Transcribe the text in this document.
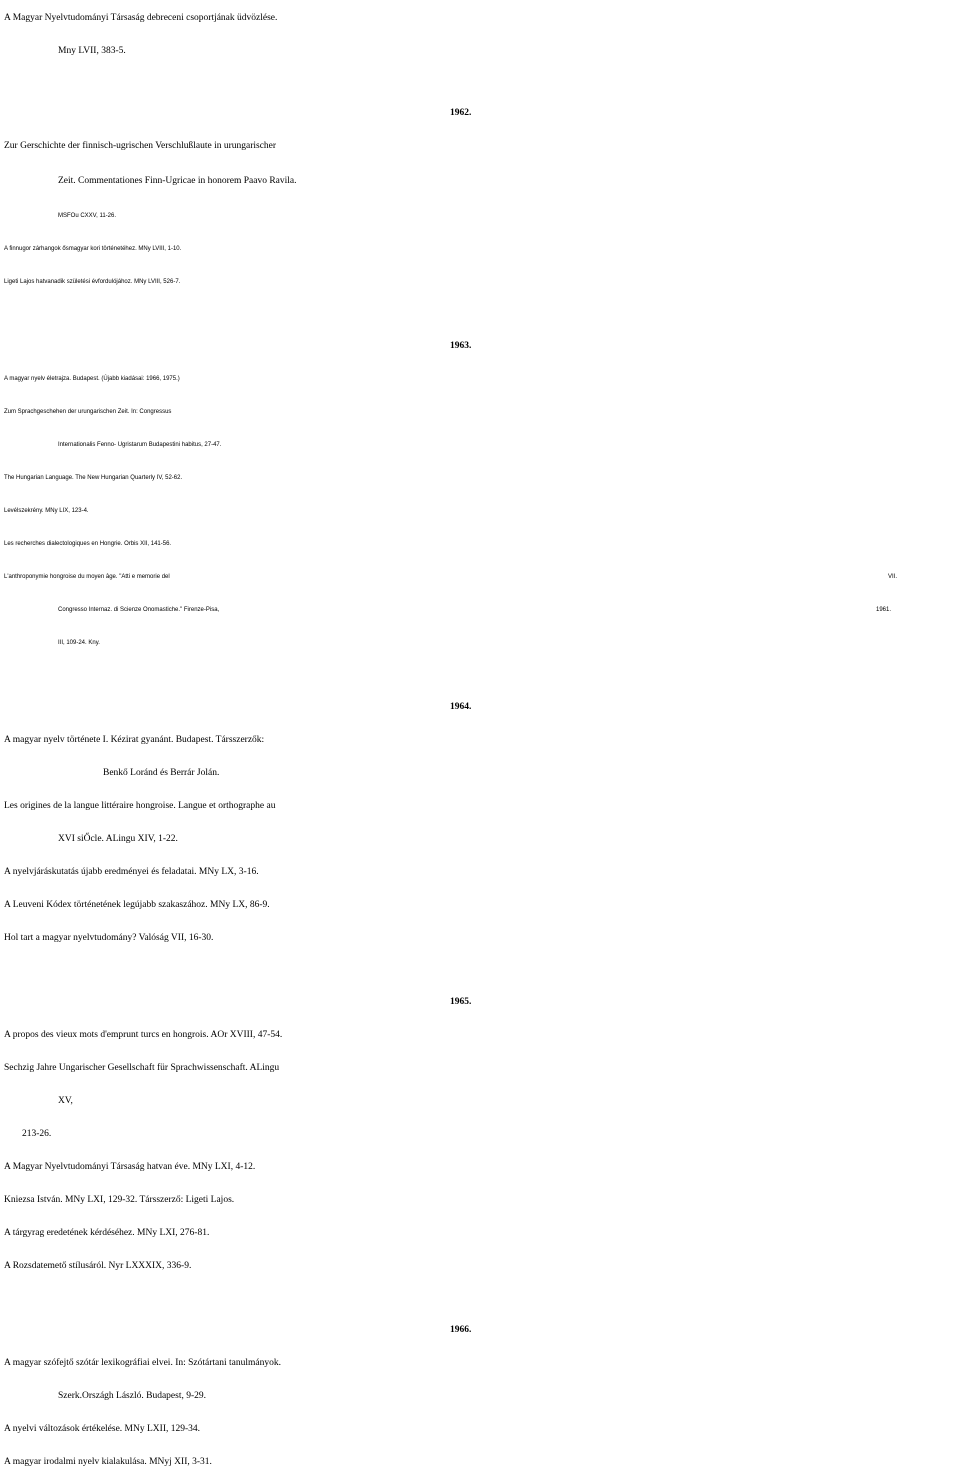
A Magyar Nyelvtudományi Társaság debreceni csoportjának üdvözlése.
Mny LVII, 383-5.
1962.
Zur Gerschichte der finnisch-ugrischen Verschlußlaute in urungarischer
Zeit. Commentationes Finn-Ugricae in honorem Paavo Ravila.
MSFOu CXXV, 11-26.
A finnugor zárhangok ősmagyar kori történetéhez. MNy LVIII, 1-10.
Ligeti Lajos hatvanadik születési évfordulójához. MNy LVIII, 526-7.
1963.
A magyar nyelv életrajza. Budapest. (Újabb kiadásai: 1966, 1975.)
Zum Sprachgeschehen der urungarischen Zeit. In: Congressus
Internationalis Fenno- Ugristarum Budapestini habitus, 27-47.
The Hungarian Language. The New Hungarian Quarterly IV, 52-62.
Levélszekrény. MNy LIX, 123-4.
Les recherches dialectologiques en Hongrie. Orbis XII, 141-56.
L'anthroponymie hongroise du moyen âge. "Atti e memorie del	VII.
Congresso Internaz. di Scienze Onomastiche." Firenze-Pisa,	1961.
III, 109-24. Kny.
1964.
A magyar nyelv története I. Kézirat gyanánt. Budapest. Társszerzők:
Benkő Loránd és Berrár Jolán.
Les origines de la langue littéraire hongroise. Langue et orthographe au
XVI siŐcle. ALingu XIV, 1-22.
A nyelvjáráskutatás újabb eredményei és feladatai. MNy LX, 3-16.
A Leuveni Kódex történetének legújabb szakaszához. MNy LX, 86-9.
Hol tart a magyar nyelvtudomány? Valóság VII, 16-30.
1965.
A propos des vieux mots d'emprunt turcs en hongrois. AOr XVIII, 47-54.
Sechzig Jahre Ungarischer Gesellschaft für Sprachwissenschaft. ALingu
XV,
213-26.
A Magyar Nyelvtudományi Társaság hatvan éve. MNy LXI, 4-12.
Kniezsa István. MNy LXI, 129-32. Társszerző: Ligeti Lajos.
A tárgyrag eredetének kérdéséhez. MNy LXI, 276-81.
A Rozsdatemető stílusáról. Nyr LXXXIX, 336-9.
1966.
A magyar szófejtő szótár lexikográfiai elvei. In: Szótártani tanulmányok.
Szerk.Országh László. Budapest, 9-29.
A nyelvi változások értékelése. MNy LXII, 129-34.
A magyar irodalmi nyelv kialakulása. MNyj XII, 3-31.
